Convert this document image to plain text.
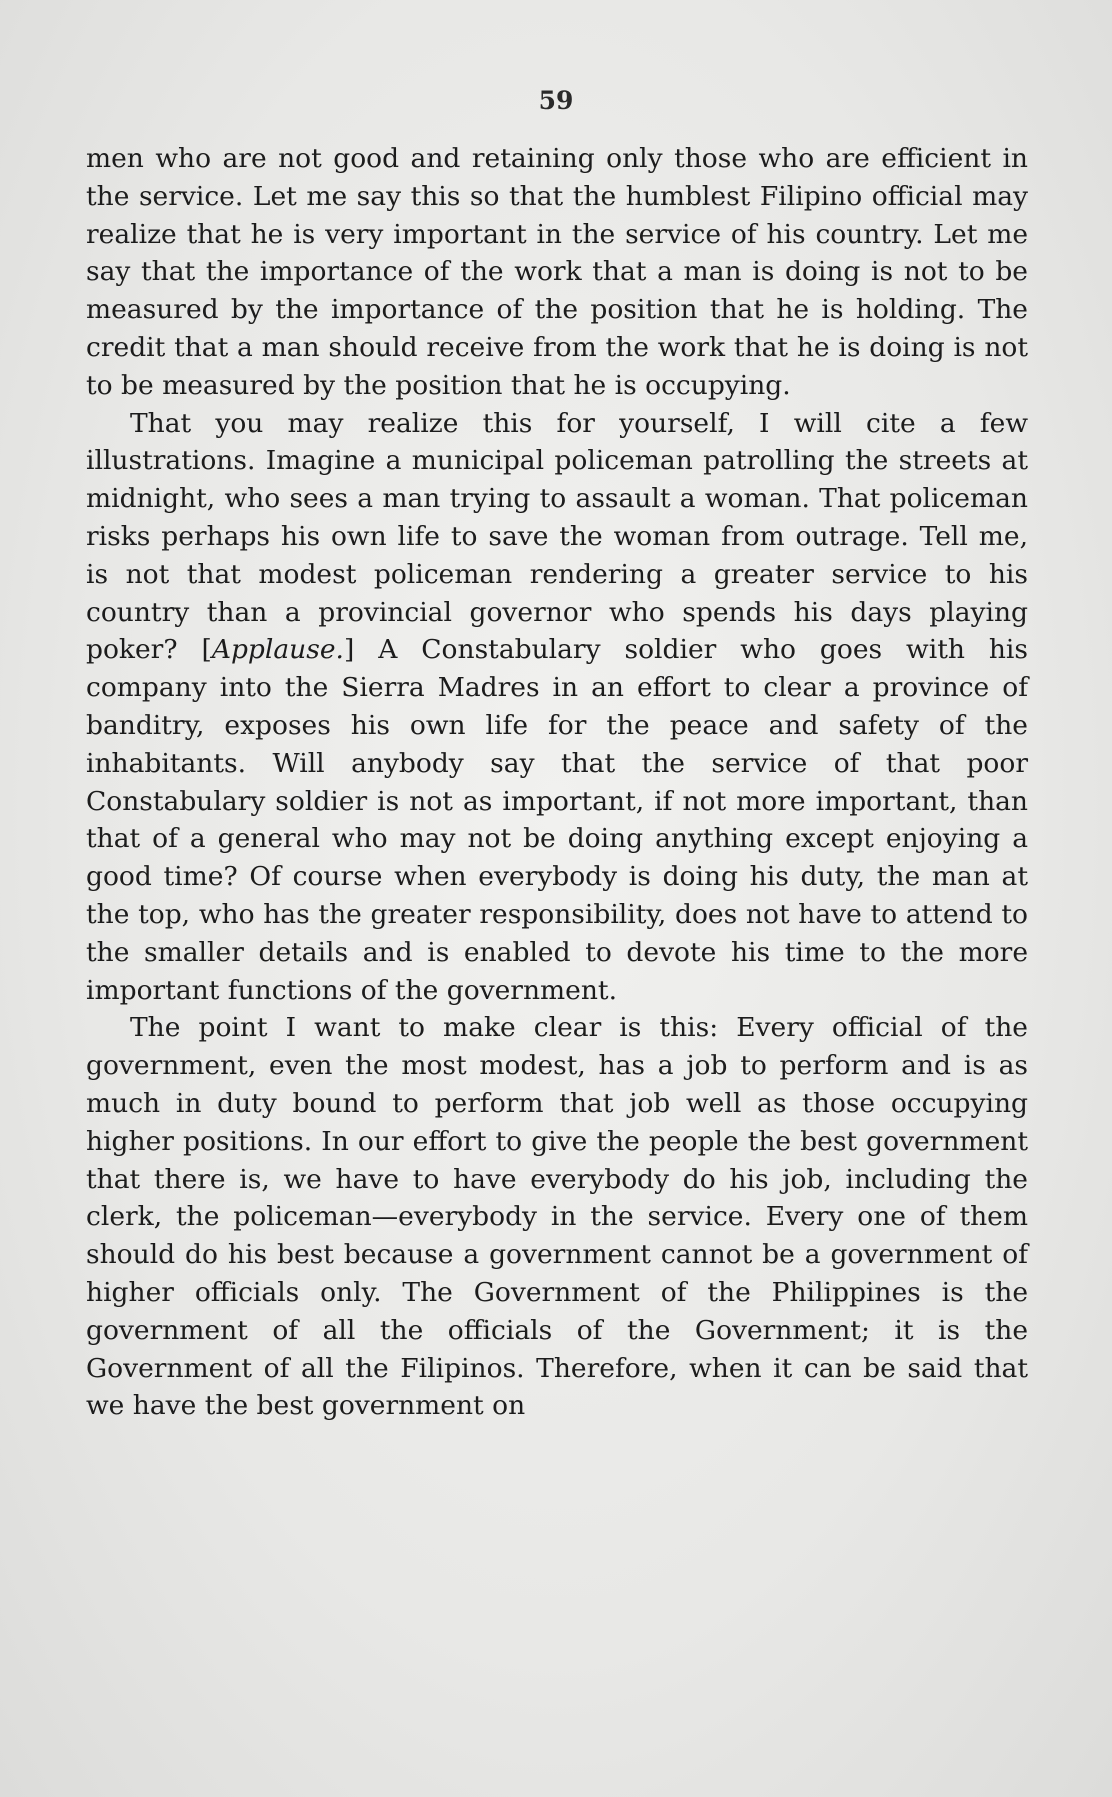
59

men who are not good and retaining only those who are efficient in the service. Let me say this so that the humblest Filipino official may realize that he is very important in the service of his country. Let me say that the importance of the work that a man is doing is not to be measured by the importance of the position that he is holding. The credit that a man should receive from the work that he is doing is not to be measured by the position that he is occupying.

That you may realize this for yourself, I will cite a few illustrations. Imagine a municipal policeman patrolling the streets at midnight, who sees a man trying to assault a woman. That policeman risks perhaps his own life to save the woman from outrage. Tell me, is not that modest policeman rendering a greater service to his country than a provincial governor who spends his days playing poker? [Applause.] A Constabulary soldier who goes with his company into the Sierra Madres in an effort to clear a province of banditry, exposes his own life for the peace and safety of the inhabitants. Will anybody say that the service of that poor Constabulary soldier is not as important, if not more important, than that of a general who may not be doing anything except enjoying a good time? Of course when everybody is doing his duty, the man at the top, who has the greater responsibility, does not have to attend to the smaller details and is enabled to devote his time to the more important functions of the government.

The point I want to make clear is this: Every official of the government, even the most modest, has a job to perform and is as much in duty bound to perform that job well as those occupying higher positions. In our effort to give the people the best government that there is, we have to have everybody do his job, including the clerk, the policeman—everybody in the service. Every one of them should do his best because a government cannot be a government of higher officials only. The Government of the Philippines is the government of all the officials of the Government; it is the Government of all the Filipinos. Therefore, when it can be said that we have the best government on
